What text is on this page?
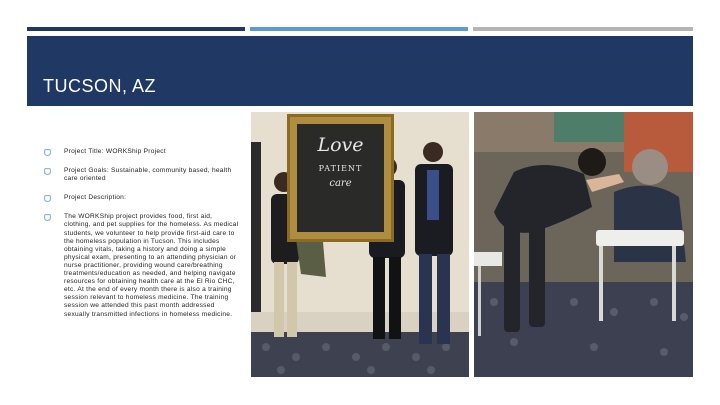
TUCSON, AZ
Project Title: WORKShip Project
Project Goals: Sustainable, community based, health care oriented
Project Description:
The WORKShip project provides food, first aid, clothing, and pet supplies for the homeless. As medical students, we volunteer to help provide first-aid care to the homeless population in Tucson. This includes obtaining vitals, taking a history and doing a simple physical exam, presenting to an attending physician or nurse practitioner, providing wound care/breathing treatments/education as needed, and helping navigate resources for obtaining health care at the El Rio CHC, etc. At the end of every month there is also a training session relevant to homeless medicine. The training session we attended this past month addressed sexually transmitted infections in homeless medicine.
Love
PATIENT
care
